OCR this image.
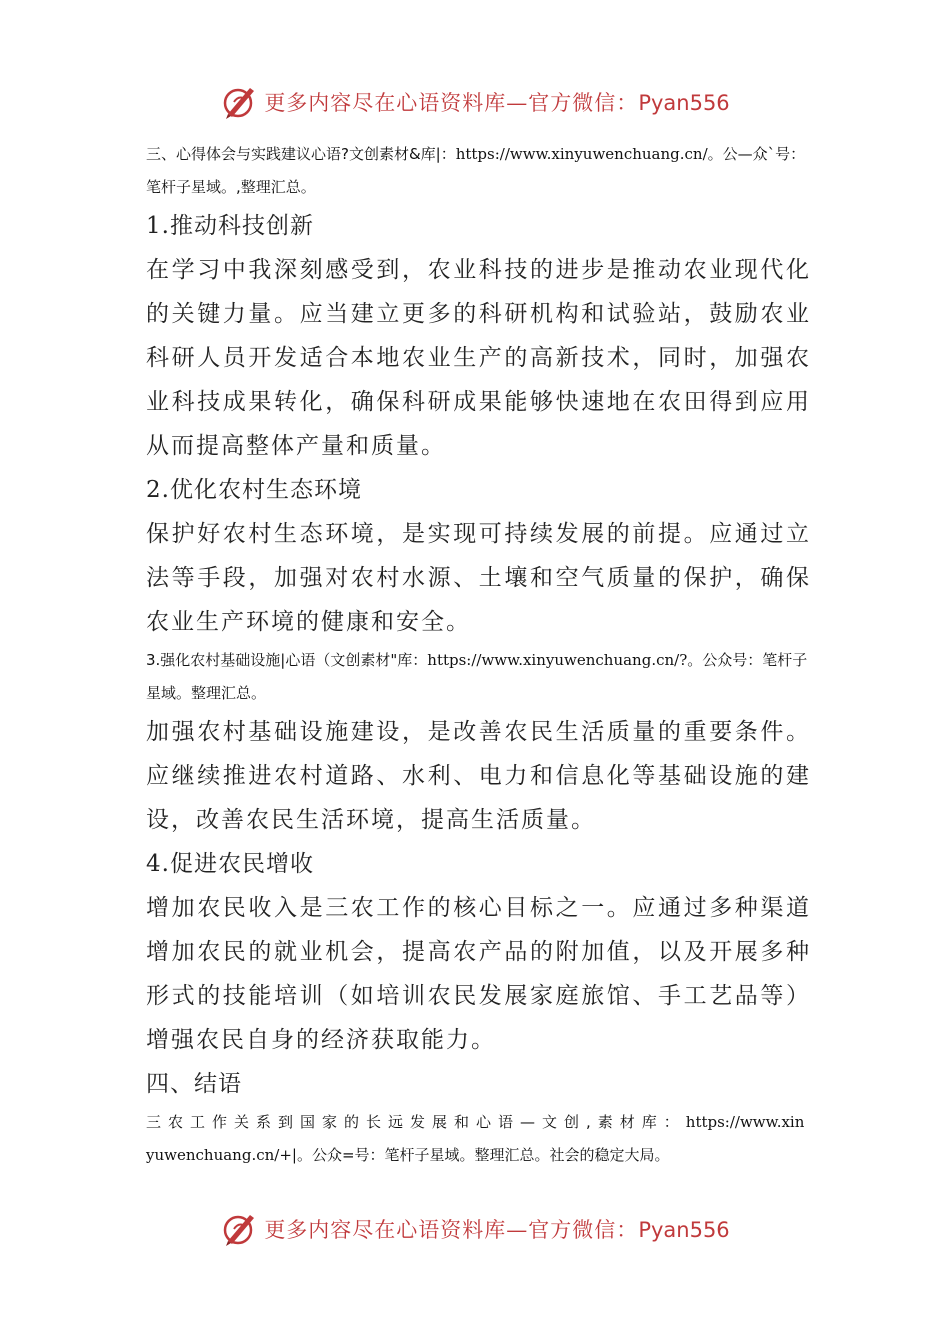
更多内容尽在心语资料库—官方微信：Pyan556

三、心得体会与实践建议心语?文创素材&库|：https://www.xinyuwenchuang.cn/。公—众`号：笔杆子星域。,整理汇总。

1.推动科技创新

在学习中我深刻感受到，农业科技的进步是推动农业现代化的关键力量。应当建立更多的科研机构和试验站，鼓励农业科研人员开发适合本地农业生产的高新技术，同时，加强农业科技成果转化，确保科研成果能够快速地在农田得到应用从而提高整体产量和质量。

2.优化农村生态环境

保护好农村生态环境，是实现可持续发展的前提。应通过立法等手段，加强对农村水源、土壤和空气质量的保护，确保农业生产环境的健康和安全。

3.强化农村基础设施|心语（文创素材"库：https://www.xinyuwenchuang.cn/?。公众号：笔杆子星域。整理汇总。

加强农村基础设施建设，是改善农民生活质量的重要条件。应继续推进农村道路、水利、电力和信息化等基础设施的建设，改善农民生活环境，提高生活质量。

4.促进农民增收

增加农民收入是三农工作的核心目标之一。应通过多种渠道增加农民的就业机会，提高农产品的附加值，以及开展多种形式的技能培训（如培训农民发展家庭旅馆、手工艺品等）增强农民自身的经济获取能力。

四、结语

三农工作关系到国家的长远发展和心语—文创,素材库：https://www.xinyuwenchuang.cn/+|。公众=号：笔杆子星域。整理汇总。社会的稳定大局。

更多内容尽在心语资料库—官方微信：Pyan556
